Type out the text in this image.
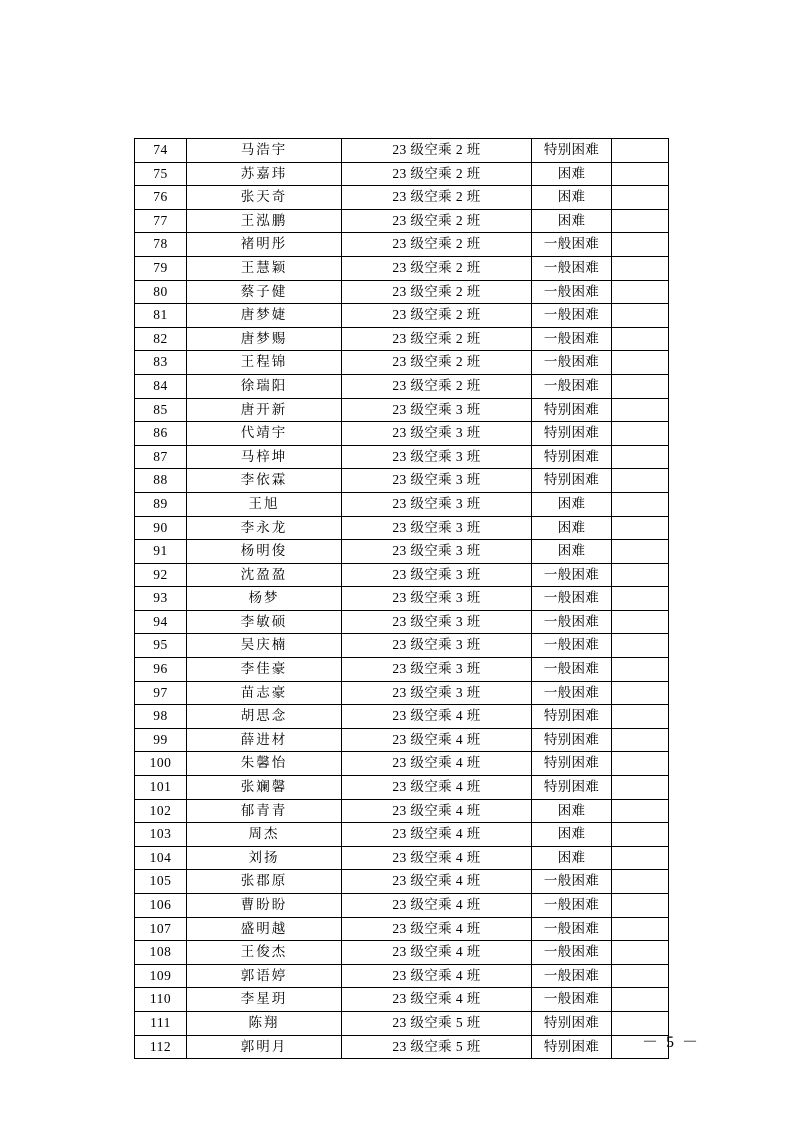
74	马浩宇	23 级空乘 2 班	特别困难	
75	苏嘉玮	23 级空乘 2 班	困难	
76	张天奇	23 级空乘 2 班	困难	
77	王泓鹏	23 级空乘 2 班	困难	
78	褚明彤	23 级空乘 2 班	一般困难	
79	王慧颖	23 级空乘 2 班	一般困难	
80	蔡子健	23 级空乘 2 班	一般困难	
81	唐梦婕	23 级空乘 2 班	一般困难	
82	唐梦赐	23 级空乘 2 班	一般困难	
83	王程锦	23 级空乘 2 班	一般困难	
84	徐瑞阳	23 级空乘 2 班	一般困难	
85	唐开新	23 级空乘 3 班	特别困难	
86	代靖宇	23 级空乘 3 班	特别困难	
87	马梓坤	23 级空乘 3 班	特别困难	
88	李依霖	23 级空乘 3 班	特别困难	
89	王旭	23 级空乘 3 班	困难	
90	李永龙	23 级空乘 3 班	困难	
91	杨明俊	23 级空乘 3 班	困难	
92	沈盈盈	23 级空乘 3 班	一般困难	
93	杨梦	23 级空乘 3 班	一般困难	
94	李敏硕	23 级空乘 3 班	一般困难	
95	吴庆楠	23 级空乘 3 班	一般困难	
96	李佳豪	23 级空乘 3 班	一般困难	
97	苗志豪	23 级空乘 3 班	一般困难	
98	胡思念	23 级空乘 4 班	特别困难	
99	薛进材	23 级空乘 4 班	特别困难	
100	朱馨怡	23 级空乘 4 班	特别困难	
101	张斓馨	23 级空乘 4 班	特别困难	
102	郁青青	23 级空乘 4 班	困难	
103	周杰	23 级空乘 4 班	困难	
104	刘扬	23 级空乘 4 班	困难	
105	张郡原	23 级空乘 4 班	一般困难	
106	曹盼盼	23 级空乘 4 班	一般困难	
107	盛明越	23 级空乘 4 班	一般困难	
108	王俊杰	23 级空乘 4 班	一般困难	
109	郭语婷	23 级空乘 4 班	一般困难	
110	李星玥	23 级空乘 4 班	一般困难	
111	陈翔	23 级空乘 5 班	特别困难	
112	郭明月	23 级空乘 5 班	特别困难		－ 5 －
